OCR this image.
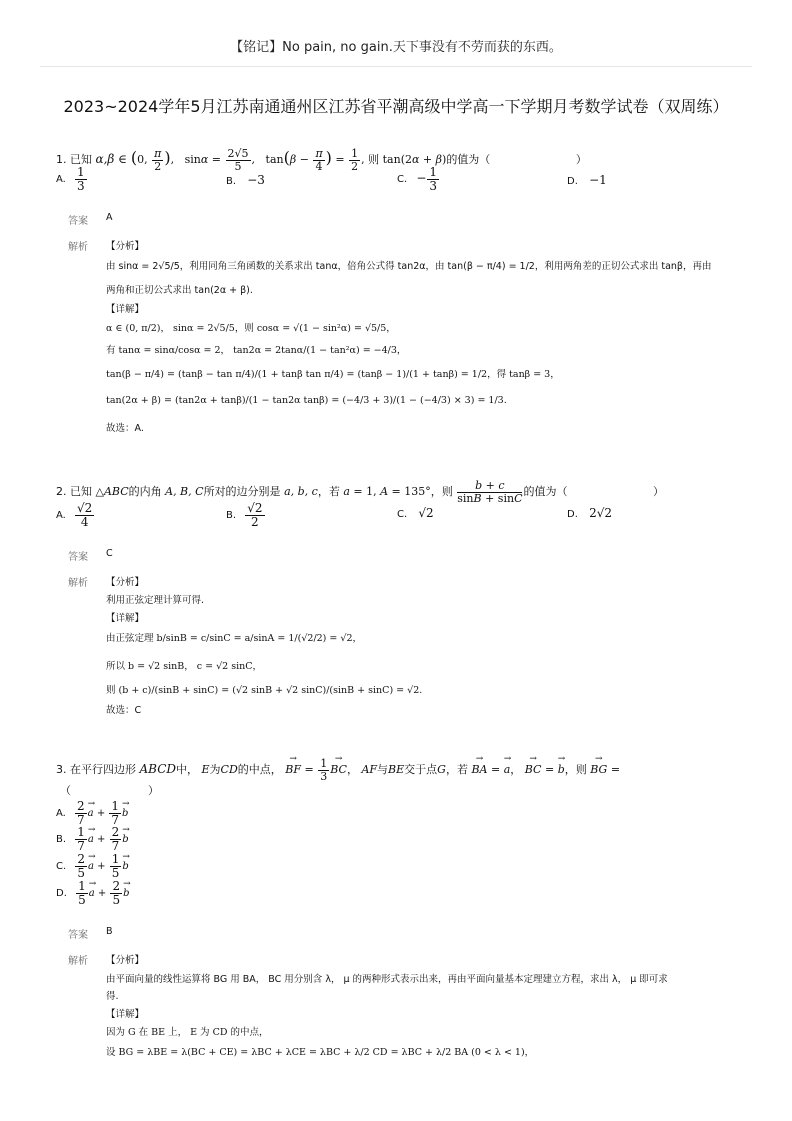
【铭记】No pain, no gain.天下事没有不劳而获的东西。
2023~2024学年5月江苏南通通州区江苏省平潮高级中学高一下学期月考数学试卷（双周练）
1. 已知 α,β ∈ (0, $\frac{\pi}{2}$ ), $\sin\alpha = \frac{2√5}{5}$ , $\tan(\beta - \frac{\pi}{4}$ ) = $\frac{1}{2}$ , 则 tan(2α + β)的值为（	）
A. $\frac{1}{3}$	B. −3	C. − $\frac{1}{3}$	D. −1
答案 A
解析 【分析】
由 sinα = 2√5/5，利用同角三角函数的关系求出 tanα，倍角公式得 tan2α，由 tan(β − π/4) = 1/2，利用两角差的正切公式求出 tanβ，再由
两角和正切公式求出 tan(2α + β).
【详解】
α ∈ (0, π/2)， sinα = 2√5/5，则 cosα = √(1 − sin²α) = √5/5，
有 tanα = sinα/cosα = 2， tan2α = 2tanα/(1 − tan²α) = −4/3，
tan(β − π/4) = (tanβ − tan π/4)/(1 + tanβ tan π/4) = (tanβ − 1)/(1 + tanβ) = 1/2，得 tanβ = 3，
tan(2α + β) = (tan2α + tanβ)/(1 − tan2α tanβ) = (−4/3 + 3)/(1 − (−4/3) × 3) = 1/3.
故选：A.
2. 已知 △ABC的内角 A, B, C所对的边分别是 a, b, c，若 a = 1, A = 135°，则 $\frac{b + c}{\sin B + \sin C}$ 的值为（	）
A. $\frac{√2}{4}$	B. $\frac{√2}{2}$	C. √2	D. 2√2
答案 C
解析 【分析】
利用正弦定理计算可得.
【详解】
由正弦定理 b/sinB = c/sinC = a/sinA = 1/(√2/2) = √2，
所以 b = √2 sinB， c = √2 sinC，
则 (b + c)/(sinB + sinC) = (√2 sinB + √2 sinC)/(sinB + sinC) = √2.
故选：C
3. 在平行四边形 ABCD中， E为CD的中点， → BF = $\frac{1}{3}$
→ BC， AF与BE交于点G，若 → BA = → a， → BC = → b，则 → BG =
（	）
A. $\frac{2}{7}$
→ $a + \frac{1}{7}$
→ b
B. $\frac{1}{7}$
→ $a + \frac{2}{7}$
→ b
C. $\frac{2}{5}$
→ $a + \frac{1}{5}$
→ b
D. $\frac{1}{5}$
→ $a + \frac{2}{5}$
→ b
答案 B
解析 【分析】
由平面向量的线性运算将 BG 用 BA， BC 用分别含 λ， μ 的两种形式表示出来，再由平面向量基本定理建立方程，求出 λ， μ 即可求
得.
【详解】
因为 G 在 BE 上， E 为 CD 的中点，
设 BG = λBE = λ(BC + CE) = λBC + λCE = λBC + λ/2 CD = λBC + λ/2 BA (0 < λ < 1)，
